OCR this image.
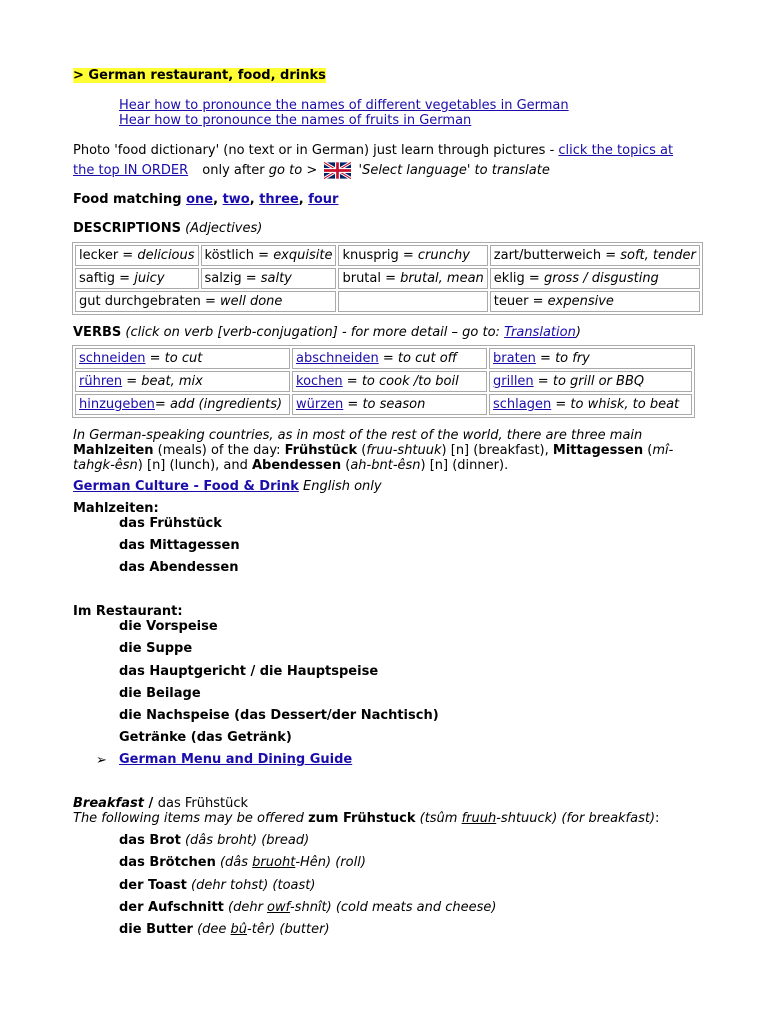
> German restaurant, food, drinks
Hear how to pronounce the names of different vegetables in German
Hear how to pronounce the names of fruits in German
Photo 'food dictionary' (no text or in German) just learn through pictures - click the topics at
the top IN ORDER only after go to >	'Select language' to translate
Food matching one, two, three, four
DESCRIPTIONS (Adjectives)
lecker = delicious	köstlich = exquisite	knusprig = crunchy	zart/butterweich = soft, tender
saftig = juicy	salzig = salty	brutal = brutal, mean	eklig = gross / disgusting
gut durchgebraten = well done			teuer = expensive
VERBS (click on verb [verb-conjugation] - for more detail – go to: Translation)
schneiden = to cut	abschneiden = to cut off	braten = to fry
rühren = beat, mix	kochen = to cook /to boil	grillen = to grill or BBQ
hinzugeben= add (ingredients)	würzen = to season	schlagen = to whisk, to beat
In German-speaking countries, as in most of the rest of the world, there are three main
Mahlzeiten (meals) of the day: Frühstück (fruu-shtuuk) [n] (breakfast), Mittagessen (mî-
tahgk-êsn) [n] (lunch), and Abendessen (ah-bnt-êsn) [n] (dinner).
German Culture - Food & Drink English only
Mahlzeiten:
das Frühstück
das Mittagessen
das Abendessen
Im Restaurant:
die Vorspeise
die Suppe
das Hauptgericht / die Hauptspeise
die Beilage
die Nachspeise (das Dessert/der Nachtisch)
Getränke (das Getränk)
➢ German Menu and Dining Guide
Breakfast / das Frühstück
The following items may be offered zum Frühstuck (tsûm fruuh-shtuuck) (for breakfast):
das Brot (dâs broht) (bread)
das Brötchen (dâs bruoht-Hên) (roll)
der Toast (dehr tohst) (toast)
der Aufschnitt (dehr owf-shnît) (cold meats and cheese)
die Butter (dee bû-têr) (butter)
